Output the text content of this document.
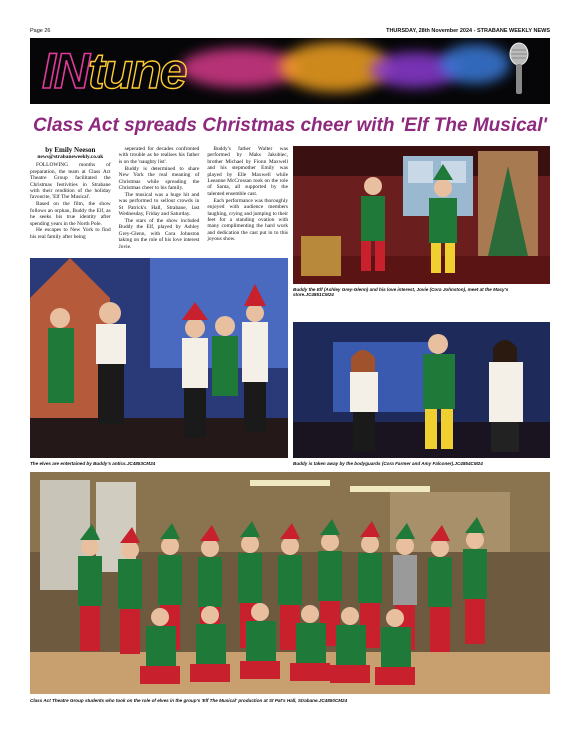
Page 26	THURSDAY, 28th November 2024 - STRABANE WEEKLY NEWS
INtune
Class Act spreads Christmas cheer with 'Elf The Musical'
by Emily Neeson
news@strabaneweekly.co.uk

FOLLOWING months of preparation, the team at Class Act Theatre Group facilitated the Christmas festivities in Strabane with their rendition of the holiday favourite, 'Elf The Musical'.

Based on the film, the show follows an orphan, Buddy the Elf, as he seeks his true identity after spending years in the North Pole.

He escapes to New York to find his real family after being

seperated for decades confronted with trouble as he realises his father is on the 'naughty list'.

Buddy is determined to share New York the real meaning of Christmas while spreading the Christmas cheer to his family.

The musical was a huge hit and was performed to sellout crowds in St Patrick's Hall, Strabane, last Wednesday, Friday and Saturday.

The stars of the show included Buddy the Elf, played by Ashley Grey-Glenn, with Cora Johnston taking on the role of his love interest Jovie.

Buddy's father Walter was performed by Maks Jakubiec, brother Michael by Fionn Maxwell and his stepmother Emily was played by Elle Maxwell while Leeanne McCrossan took on the role of Santa, all supported by the talented ensemble cast.

Each performance was thoroughly enjoyed with audience members laughing, crying and jumping to their feet for a standing ovation with many complimenting the hard work and dedication the cast put in to this joyous show.

Buddy the Elf (Ashley Grey-Glenn) and his love interest, Jovie (Cora Johnston), meet at the Macy's store.JC4851CM24
The elves are entertained by Buddy's antics.JC4853CM24	Buddy is taken away by the bodyguards (Cora Farmer and Amy Falconer).JC4854CM24
Class Act Theatre Group students who took on the role of elves in the group's 'Elf The Musical' production at St Pat's Hall, Strabane.JC4850CM24
